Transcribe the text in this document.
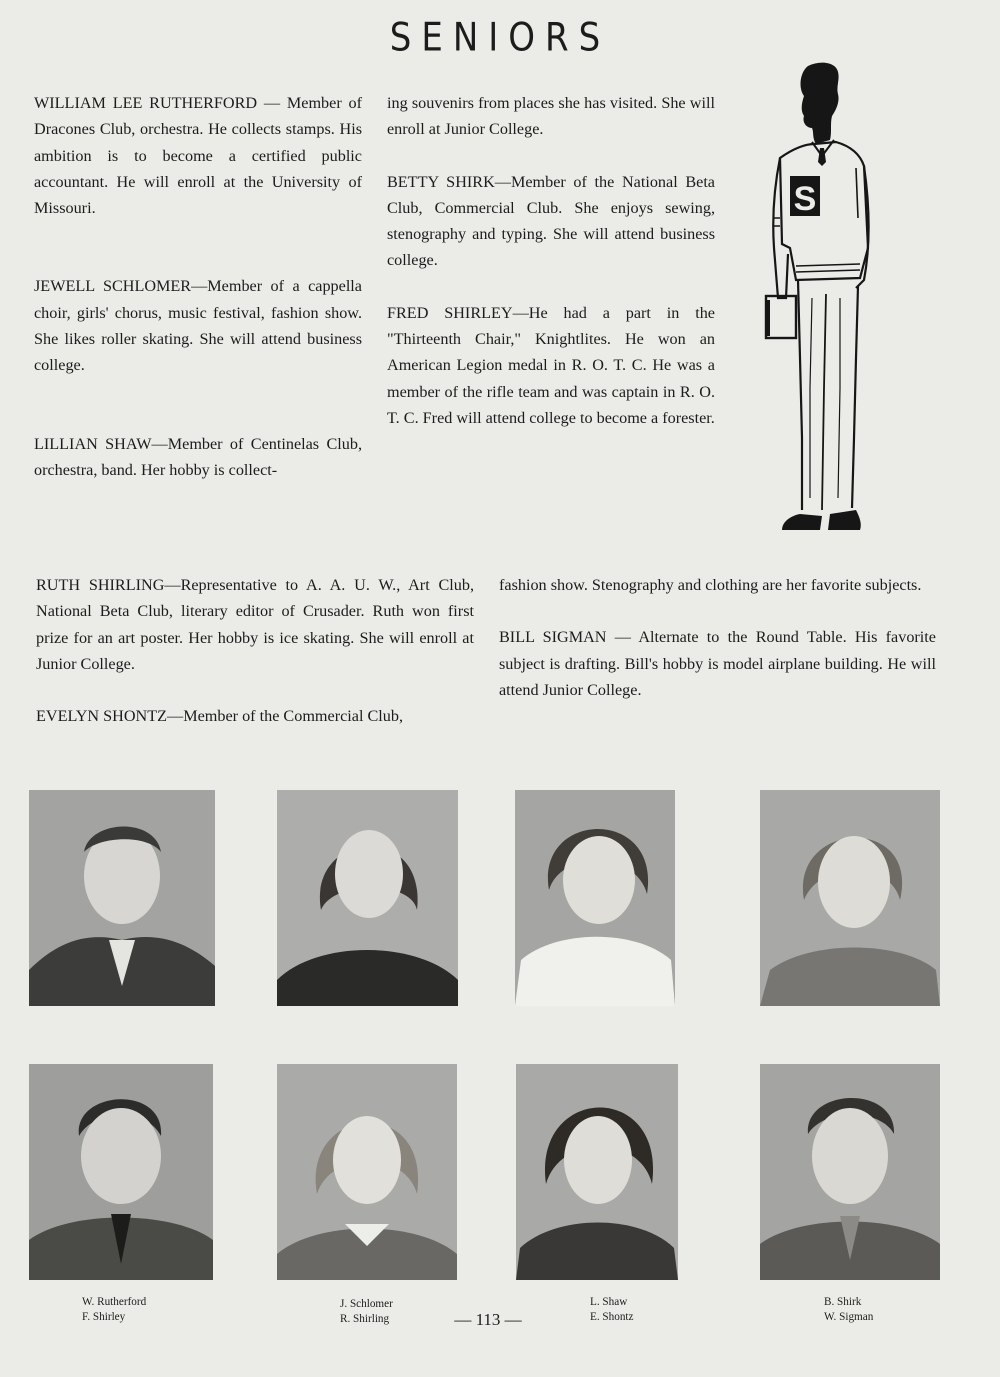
SENIORS

WILLIAM LEE RUTHERFORD — Member of Dracones Club, orchestra. He collects stamps. His ambition is to become a certified public accountant. He will enroll at the University of Missouri.

JEWELL SCHLOMER—Member of a cappella choir, girls' chorus, music festival, fashion show. She likes roller skating. She will attend business college.

LILLIAN SHAW—Member of Centinelas Club, orchestra, band. Her hobby is collect-

ing souvenirs from places she has visited. She will enroll at Junior College.

BETTY SHIRK—Member of the National Beta Club, Commercial Club. She enjoys sewing, stenography and typing. She will attend business college.

FRED SHIRLEY—He had a part in the "Thirteenth Chair," Knightlites. He won an American Legion medal in R. O. T. C. He was a member of the rifle team and was captain in R. O. T. C. Fred will attend college to become a forester.

S

RUTH SHIRLING—Representative to A. A. U. W., Art Club, National Beta Club, literary editor of Crusader. Ruth won first prize for an art poster. Her hobby is ice skating. She will enroll at Junior College.

EVELYN SHONTZ—Member of the Commercial Club,

fashion show. Stenography and clothing are her favorite subjects.

BILL SIGMAN — Alternate to the Round Table. His favorite subject is drafting. Bill's hobby is model airplane building. He will attend Junior College.

W. Rutherford
F. Shirley
J. Schlomer
R. Shirling
L. Shaw
E. Shontz
B. Shirk
W. Sigman
— 113 —
